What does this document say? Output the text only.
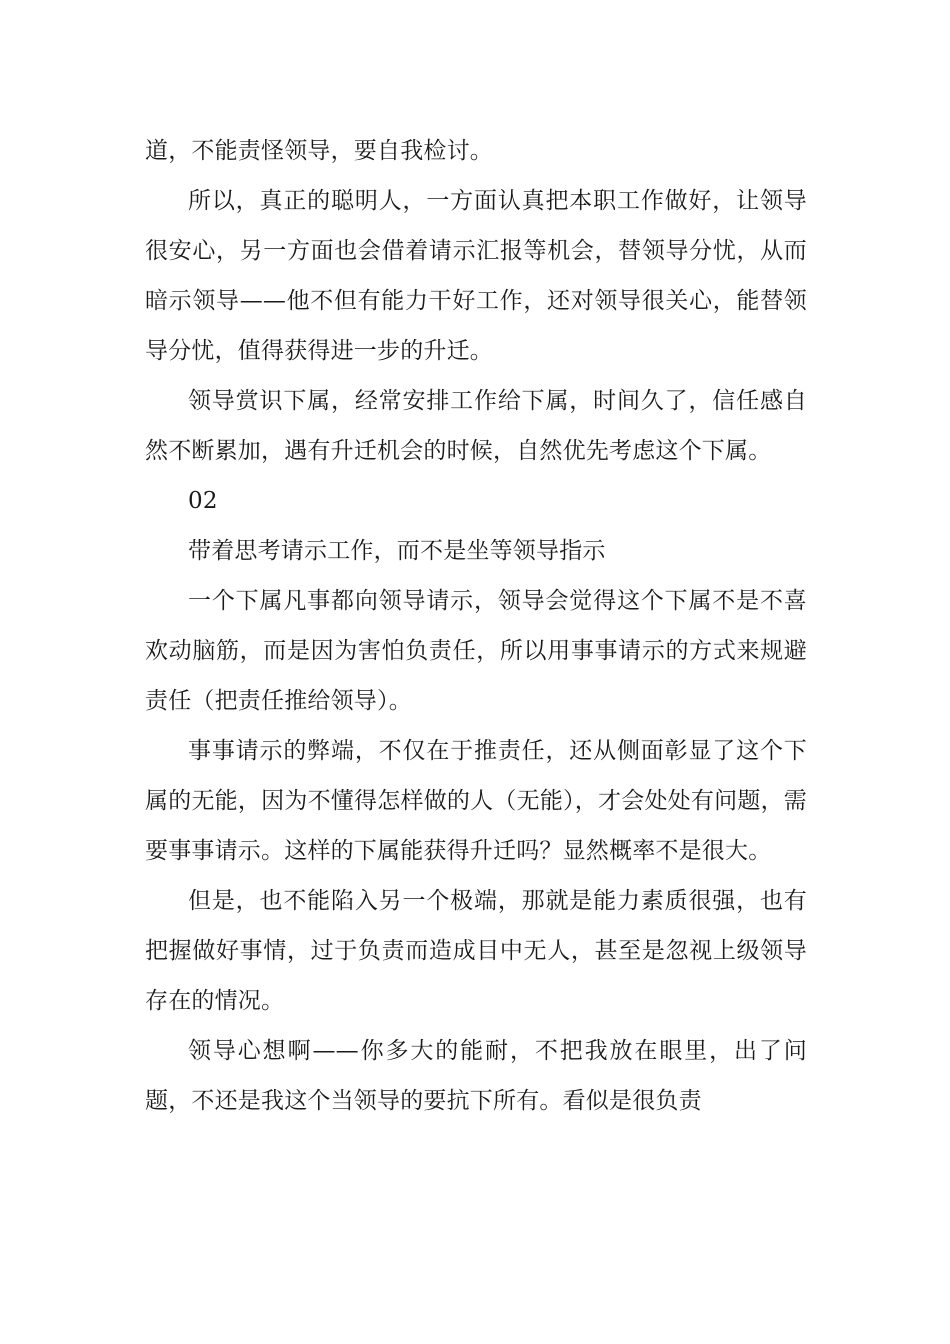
道，不能责怪领导，要自我检讨。

所以，真正的聪明人，一方面认真把本职工作做好，让领导很安心，另一方面也会借着请示汇报等机会，替领导分忧，从而暗示领导——他不但有能力干好工作，还对领导很关心，能替领导分忧，值得获得进一步的升迁。

领导赏识下属，经常安排工作给下属，时间久了，信任感自然不断累加，遇有升迁机会的时候，自然优先考虑这个下属。

02

带着思考请示工作，而不是坐等领导指示

一个下属凡事都向领导请示，领导会觉得这个下属不是不喜欢动脑筋，而是因为害怕负责任，所以用事事请示的方式来规避责任（把责任推给领导）。

事事请示的弊端，不仅在于推责任，还从侧面彰显了这个下属的无能，因为不懂得怎样做的人（无能），才会处处有问题，需要事事请示。这样的下属能获得升迁吗？显然概率不是很大。

但是，也不能陷入另一个极端，那就是能力素质很强，也有把握做好事情，过于负责而造成目中无人，甚至是忽视上级领导存在的情况。

领导心想啊——你多大的能耐，不把我放在眼里，出了问题，不还是我这个当领导的要抗下所有。看似是很负责
